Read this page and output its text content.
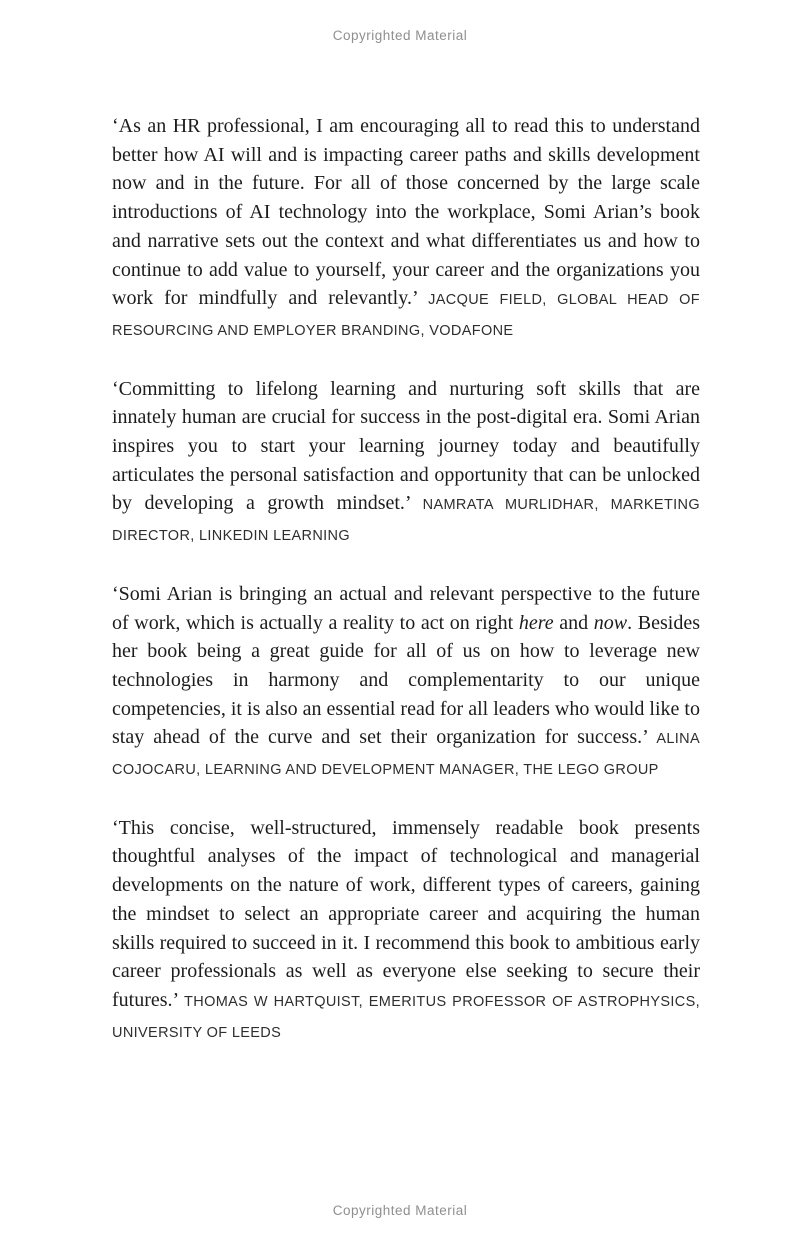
Copyrighted Material

‘As an HR professional, I am encouraging all to read this to understand better how AI will and is impacting career paths and skills development now and in the future. For all of those concerned by the large scale introductions of AI technology into the workplace, Somi Arian’s book and narrative sets out the context and what differentiates us and how to continue to add value to yourself, your career and the organizations you work for mindfully and relevantly.’ JACQUE FIELD, GLOBAL HEAD OF RESOURCING AND EMPLOYER BRANDING, VODAFONE

‘Committing to lifelong learning and nurturing soft skills that are innately human are crucial for success in the post-digital era. Somi Arian inspires you to start your learning journey today and beautifully articulates the personal satisfaction and opportunity that can be unlocked by developing a growth mindset.’ NAMRATA MURLIDHAR, MARKETING DIRECTOR, LINKEDIN LEARNING

‘Somi Arian is bringing an actual and relevant perspective to the future of work, which is actually a reality to act on right here and now. Besides her book being a great guide for all of us on how to leverage new technologies in harmony and complementarity to our unique competencies, it is also an essential read for all leaders who would like to stay ahead of the curve and set their organization for success.’ ALINA COJOCARU, LEARNING AND DEVELOPMENT MANAGER, THE LEGO GROUP

‘This concise, well-structured, immensely readable book presents thoughtful analyses of the impact of technological and managerial developments on the nature of work, different types of careers, gaining the mindset to select an appropriate career and acquiring the human skills required to succeed in it. I recommend this book to ambitious early career professionals as well as everyone else seeking to secure their futures.’ THOMAS W HARTQUIST, EMERITUS PROFESSOR OF ASTROPHYSICS, UNIVERSITY OF LEEDS

Copyrighted Material
